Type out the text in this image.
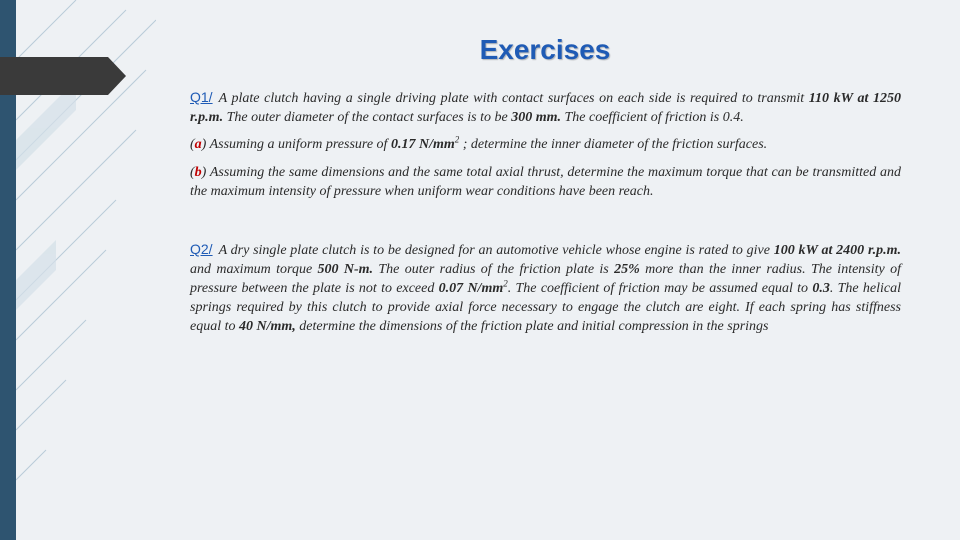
Exercises

Q1/ A plate clutch having a single driving plate with contact surfaces on each side is required to transmit 110 kW at 1250 r.p.m. The outer diameter of the contact surfaces is to be 300 mm. The coefficient of friction is 0.4.

(a) Assuming a uniform pressure of 0.17 $N/mm^2$ ; determine the inner diameter of the friction surfaces.

(b) Assuming the same dimensions and the same total axial thrust, determine the maximum torque that can be transmitted and the maximum intensity of pressure when uniform wear conditions have been reach.

Q2/ A dry single plate clutch is to be designed for an automotive vehicle whose engine is rated to give 100 kW at 2400 r.p.m. and maximum torque 500 N-m. The outer radius of the friction plate is 25% more than the inner radius. The intensity of pressure between the plate is not to exceed 0.07 $N/mm^2$. The coefficient of friction may be assumed equal to 0.3. The helical springs required by this clutch to provide axial force necessary to engage the clutch are eight. If each spring has stiffness equal to 40 N/mm, determine the dimensions of the friction plate and initial compression in the springs
